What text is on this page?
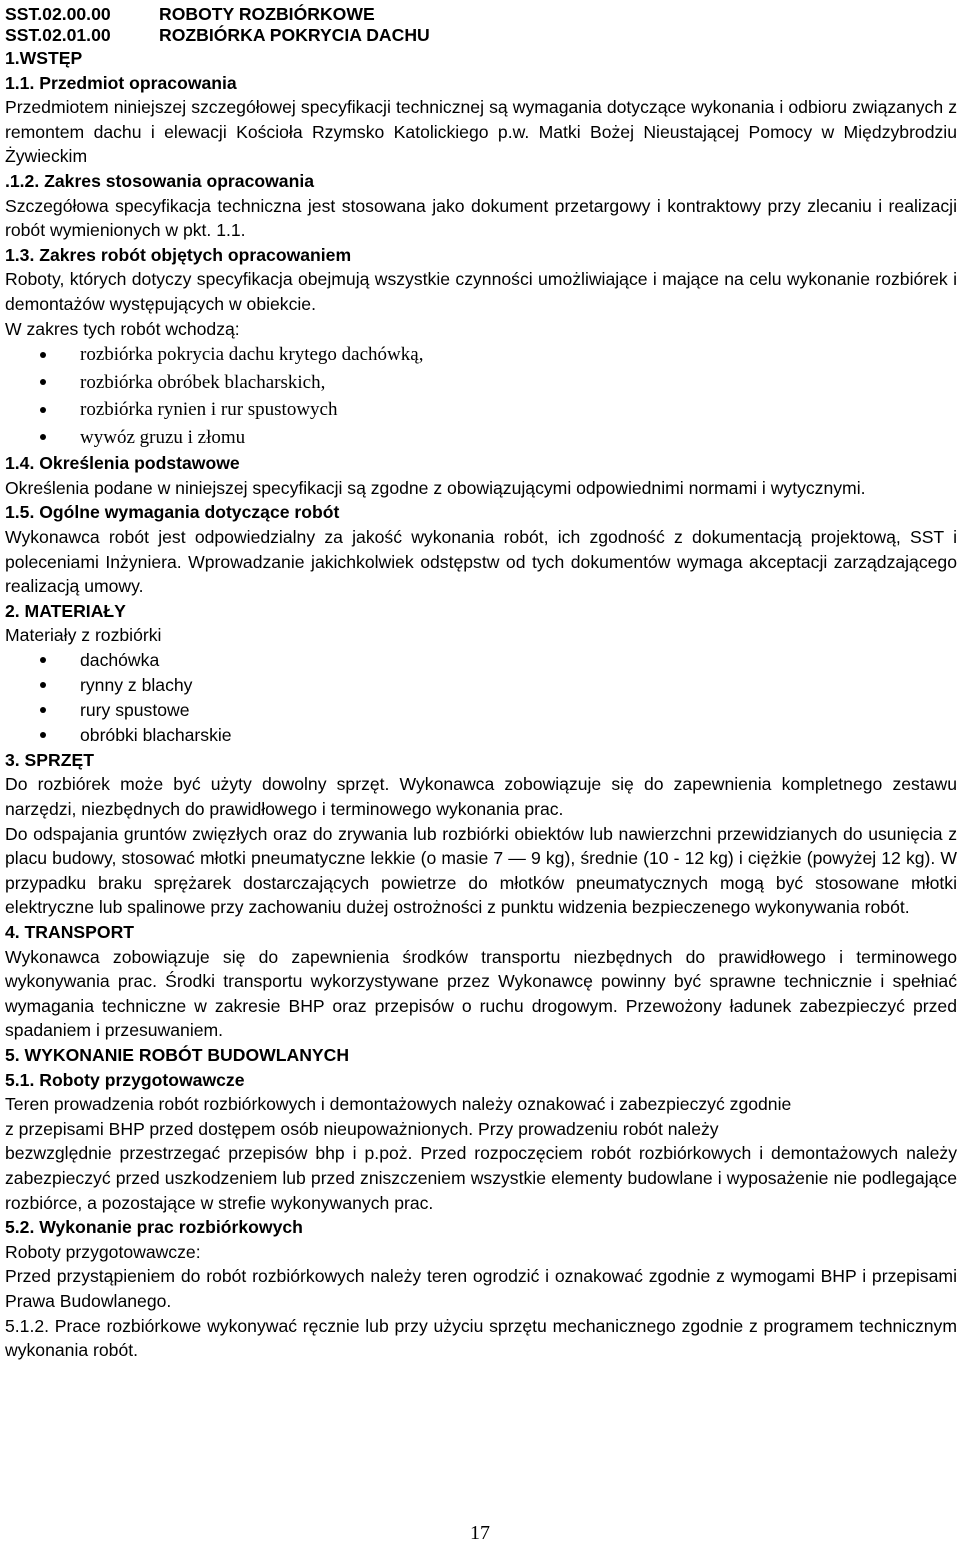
SST.02.00.00	ROBOTY ROZBIÓRKOWE
SST.02.01.00	ROZBIÓRKA POKRYCIA DACHU

1.WSTĘP

1.1. Przedmiot opracowania

Przedmiotem niniejszej szczegółowej specyfikacji technicznej są wymagania dotyczące wykonania i odbioru związanych z remontem dachu i elewacji Kościoła Rzymsko Katolickiego p.w. Matki Bożej Nieustającej Pomocy w Międzybrodziu Żywieckim

.1.2. Zakres stosowania opracowania

Szczegółowa specyfikacja techniczna jest stosowana jako dokument przetargowy i kontraktowy przy zlecaniu i realizacji robót wymienionych w pkt. 1.1.

1.3. Zakres robót objętych opracowaniem

Roboty, których dotyczy specyfikacja obejmują wszystkie czynności umożliwiające i mające na celu wykonanie rozbiórek i demontażów występujących w obiekcie.

W zakres tych robót wchodzą:

rozbiórka pokrycia dachu krytego dachówką,
rozbiórka obróbek blacharskich,
rozbiórka rynien i rur spustowych
wywóz gruzu i złomu

1.4. Określenia podstawowe

Określenia podane w niniejszej specyfikacji są zgodne z obowiązującymi odpowiednimi normami i wytycznymi.

1.5. Ogólne wymagania dotyczące robót

Wykonawca robót jest odpowiedzialny za jakość wykonania robót, ich zgodność z dokumentacją projektową, SST i poleceniami Inżyniera. Wprowadzanie jakichkolwiek odstępstw od tych dokumentów wymaga akceptacji zarządzającego realizacją umowy.

2. MATERIAŁY

Materiały z rozbiórki

dachówka
rynny z blachy
rury spustowe
obróbki blacharskie

3. SPRZĘT

Do rozbiórek może być użyty dowolny sprzęt. Wykonawca zobowiązuje się do zapewnienia kompletnego zestawu narzędzi, niezbędnych do prawidłowego i terminowego wykonania prac.

Do odspajania gruntów zwięzłych oraz do zrywania lub rozbiórki obiektów lub nawierzchni przewidzianych do usunięcia z placu budowy, stosować młotki pneumatyczne lekkie (o masie 7 — 9 kg), średnie (10 - 12 kg) i ciężkie (powyżej 12 kg). W przypadku braku sprężarek dostarczających powietrze do młotków pneumatycznych mogą być stosowane młotki elektryczne lub spalinowe przy zachowaniu dużej ostrożności z punktu widzenia bezpieczenego wykonywania robót.

4. TRANSPORT

Wykonawca zobowiązuje się do zapewnienia środków transportu niezbędnych do prawidłowego i terminowego wykonywania prac. Środki transportu wykorzystywane przez Wykonawcę powinny być sprawne technicznie i spełniać wymagania techniczne w zakresie BHP oraz przepisów o ruchu drogowym. Przewożony ładunek zabezpieczyć przed spadaniem i przesuwaniem.

5. WYKONANIE ROBÓT BUDOWLANYCH

5.1. Roboty przygotowawcze

Teren prowadzenia robót rozbiórkowych i demontażowych należy oznakować i zabezpieczyć zgodnie

z przepisami BHP przed dostępem osób nieupoważnionych. Przy prowadzeniu robót należy

bezwzględnie przestrzegać przepisów bhp i p.poż. Przed rozpoczęciem robót rozbiórkowych i demontażowych należy zabezpieczyć przed uszkodzeniem lub przed zniszczeniem wszystkie elementy budowlane i wyposażenie nie podlegające rozbiórce, a pozostające w strefie wykonywanych prac.

5.2. Wykonanie prac rozbiórkowych

Roboty przygotowawcze:

Przed przystąpieniem do robót rozbiórkowych należy teren ogrodzić i oznakować zgodnie z wymogami BHP i przepisami Prawa Budowlanego.

5.1.2. Prace rozbiórkowe wykonywać ręcznie lub przy użyciu sprzętu mechanicznego zgodnie z programem technicznym wykonania robót.

17
